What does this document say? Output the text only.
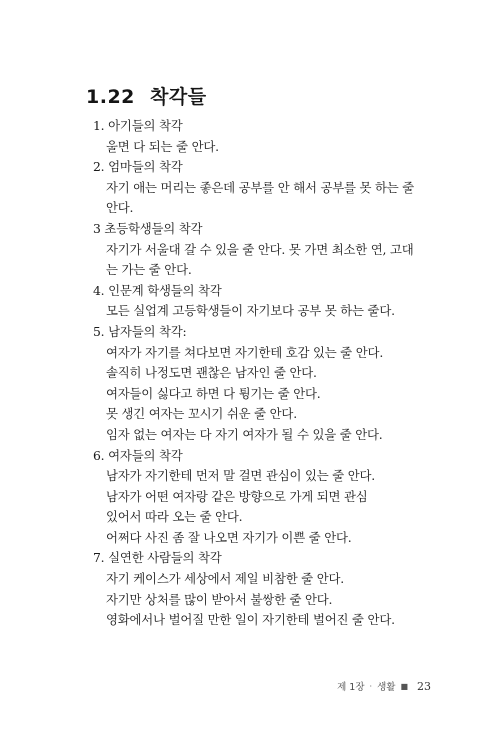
1.22 착각들
1. 아기들의 착각
울면 다 되는 줄 안다.
2. 엄마들의 착각
자기 애는 머리는 좋은데 공부를 안 해서 공부를 못 하는 줄
안다.
3 초등학생들의 착각
자기가 서울대 갈 수 있을 줄 안다. 못 가면 최소한 연, 고대
는 가는 줄 안다.
4. 인문계 학생들의 착각
모든 실업계 고등학생들이 자기보다 공부 못 하는 줄다.
5. 남자들의 착각:
여자가 자기를 쳐다보면 자기한테 호감 있는 줄 안다.
솔직히 나정도면 괜찮은 남자인 줄 안다.
여자들이 싫다고 하면 다 튕기는 줄 안다.
못 생긴 여자는 꼬시기 쉬운 줄 안다.
임자 없는 여자는 다 자기 여자가 될 수 있을 줄 안다.
6. 여자들의 착각
남자가 자기한테 먼저 말 걸면 관심이 있는 줄 안다.
남자가 어떤 여자랑 같은 방향으로 가게 되면 관심
있어서 따라 오는 줄 안다.
어쩌다 사진 좀 잘 나오면 자기가 이쁜 줄 안다.
7. 실연한 사람들의 착각
자기 케이스가 세상에서 제일 비참한 줄 안다.
자기만 상처를 많이 받아서 불쌍한 줄 안다.
영화에서나 벌어질 만한 일이 자기한테 벌어진 줄 안다.
제 1장 · 생활 ■ 23
